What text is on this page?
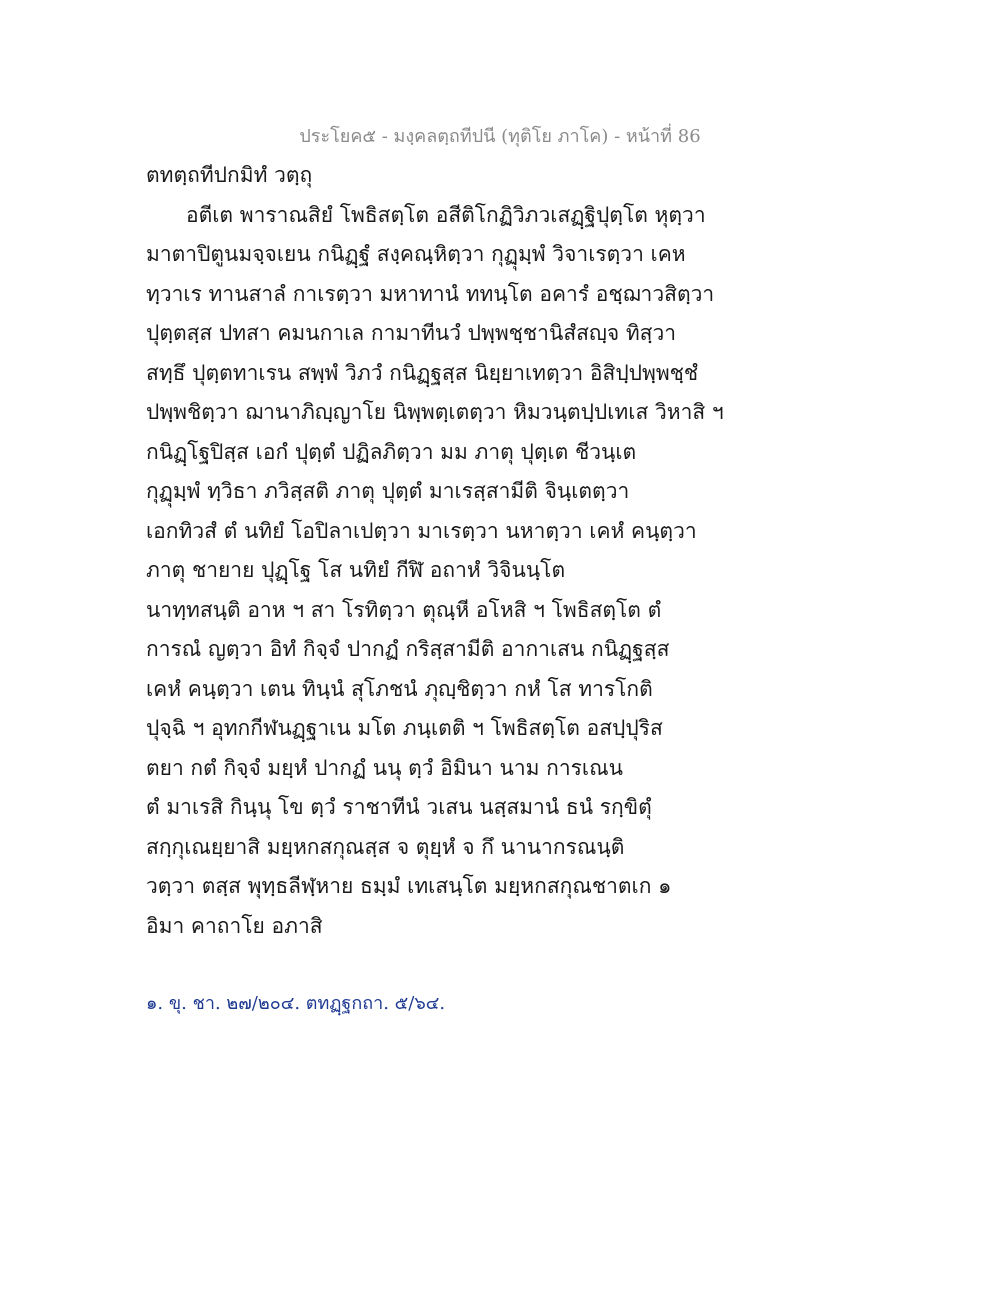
ประโยค๕ - มงฺคลตฺถทีปนี (ทุติโย ภาโค) - หน้าที่ 86
ตทตฺถทีปกมิทํ วตฺถุ
อตีเต พาราณสิยํ โพธิสตฺโต อสีติโกฏิวิภวเสฏฺฐิปุตฺโต หุตฺวา
มาตาปิตูนมจฺจเยน กนิฏฺฐํ สงฺคณฺหิตฺวา กุฏุมฺพํ วิจาเรตฺวา เคห
ทฺวาเร ทานสาลํ กาเรตฺวา มหาทานํ ททนฺโต อคารํ อชฺฌาวสิตฺวา
ปุตฺตสฺส ปทสา คมนกาเล กามาทีนวํ ปพฺพชฺชานิสํสญฺจ ทิสฺวา
สทฺธึ ปุตฺตทาเรน สพฺพํ วิภวํ กนิฏฺฐสฺส นิยฺยาเทตฺวา อิสิปฺปพฺพชฺชํ
ปพฺพชิตฺวา ฌานาภิญฺญาโย นิพฺพตฺเตตฺวา หิมวนฺตปฺปเทเส วิหาสิ ฯ
กนิฏฺโฐปิสฺส เอกํ ปุตฺตํ ปฏิลภิตฺวา มม ภาตุ ปุตฺเต ชีวนฺเต
กุฏุมฺพํ ทฺวิธา ภวิสฺสติ ภาตุ ปุตฺตํ มาเรสฺสามีติ จินฺเตตฺวา
เอกทิวสํ ตํ นทิยํ โอปิลาเปตฺวา มาเรตฺวา นหาตฺวา เคหํ คนฺตฺวา
ภาตุ ชายาย ปุฏฺโฐ โส นทิยํ กีฬิ อถาหํ วิจินนฺโต
นาทฺทสนฺติ อาห ฯ สา โรทิตฺวา ตุณฺหี อโหสิ ฯ โพธิสตฺโต ตํ
การณํ ญตฺวา อิทํ กิจฺจํ ปากฏํ กริสฺสามีติ อากาเสน กนิฏฺฐสฺส
เคหํ คนฺตฺวา เตน ทินฺนํ สุโภชนํ ภุญฺชิตฺวา กหํ โส ทารโกติ
ปุจฺฉิ ฯ อุทกกีฬนฏฺฐาเน มโต ภนฺเตติ ฯ โพธิสตฺโต อสปฺปุริส
ตยา กตํ กิจฺจํ มยฺหํ ปากฏํ นนุ ตฺวํ อิมินา นาม การเณน
ตํ มาเรสิ กินฺนุ โข ตฺวํ ราชาทีนํ วเสน นสฺสมานํ ธนํ รกฺขิตุํ
สกฺกุเณยฺยาสิ มยฺหกสกุณสฺส จ ตุยฺหํ จ กึ นานากรณนฺติ
วตฺวา ตสฺส พุทฺธลีฬฺหาย ธมฺมํ เทเสนฺโต มยฺหกสกุณชาตเก ๑
อิมา คาถาโย อภาสิ
๑. ขุ. ชา. ๒๗/๒๐๔. ตทฏฺฐกถา. ๕/๖๔.
